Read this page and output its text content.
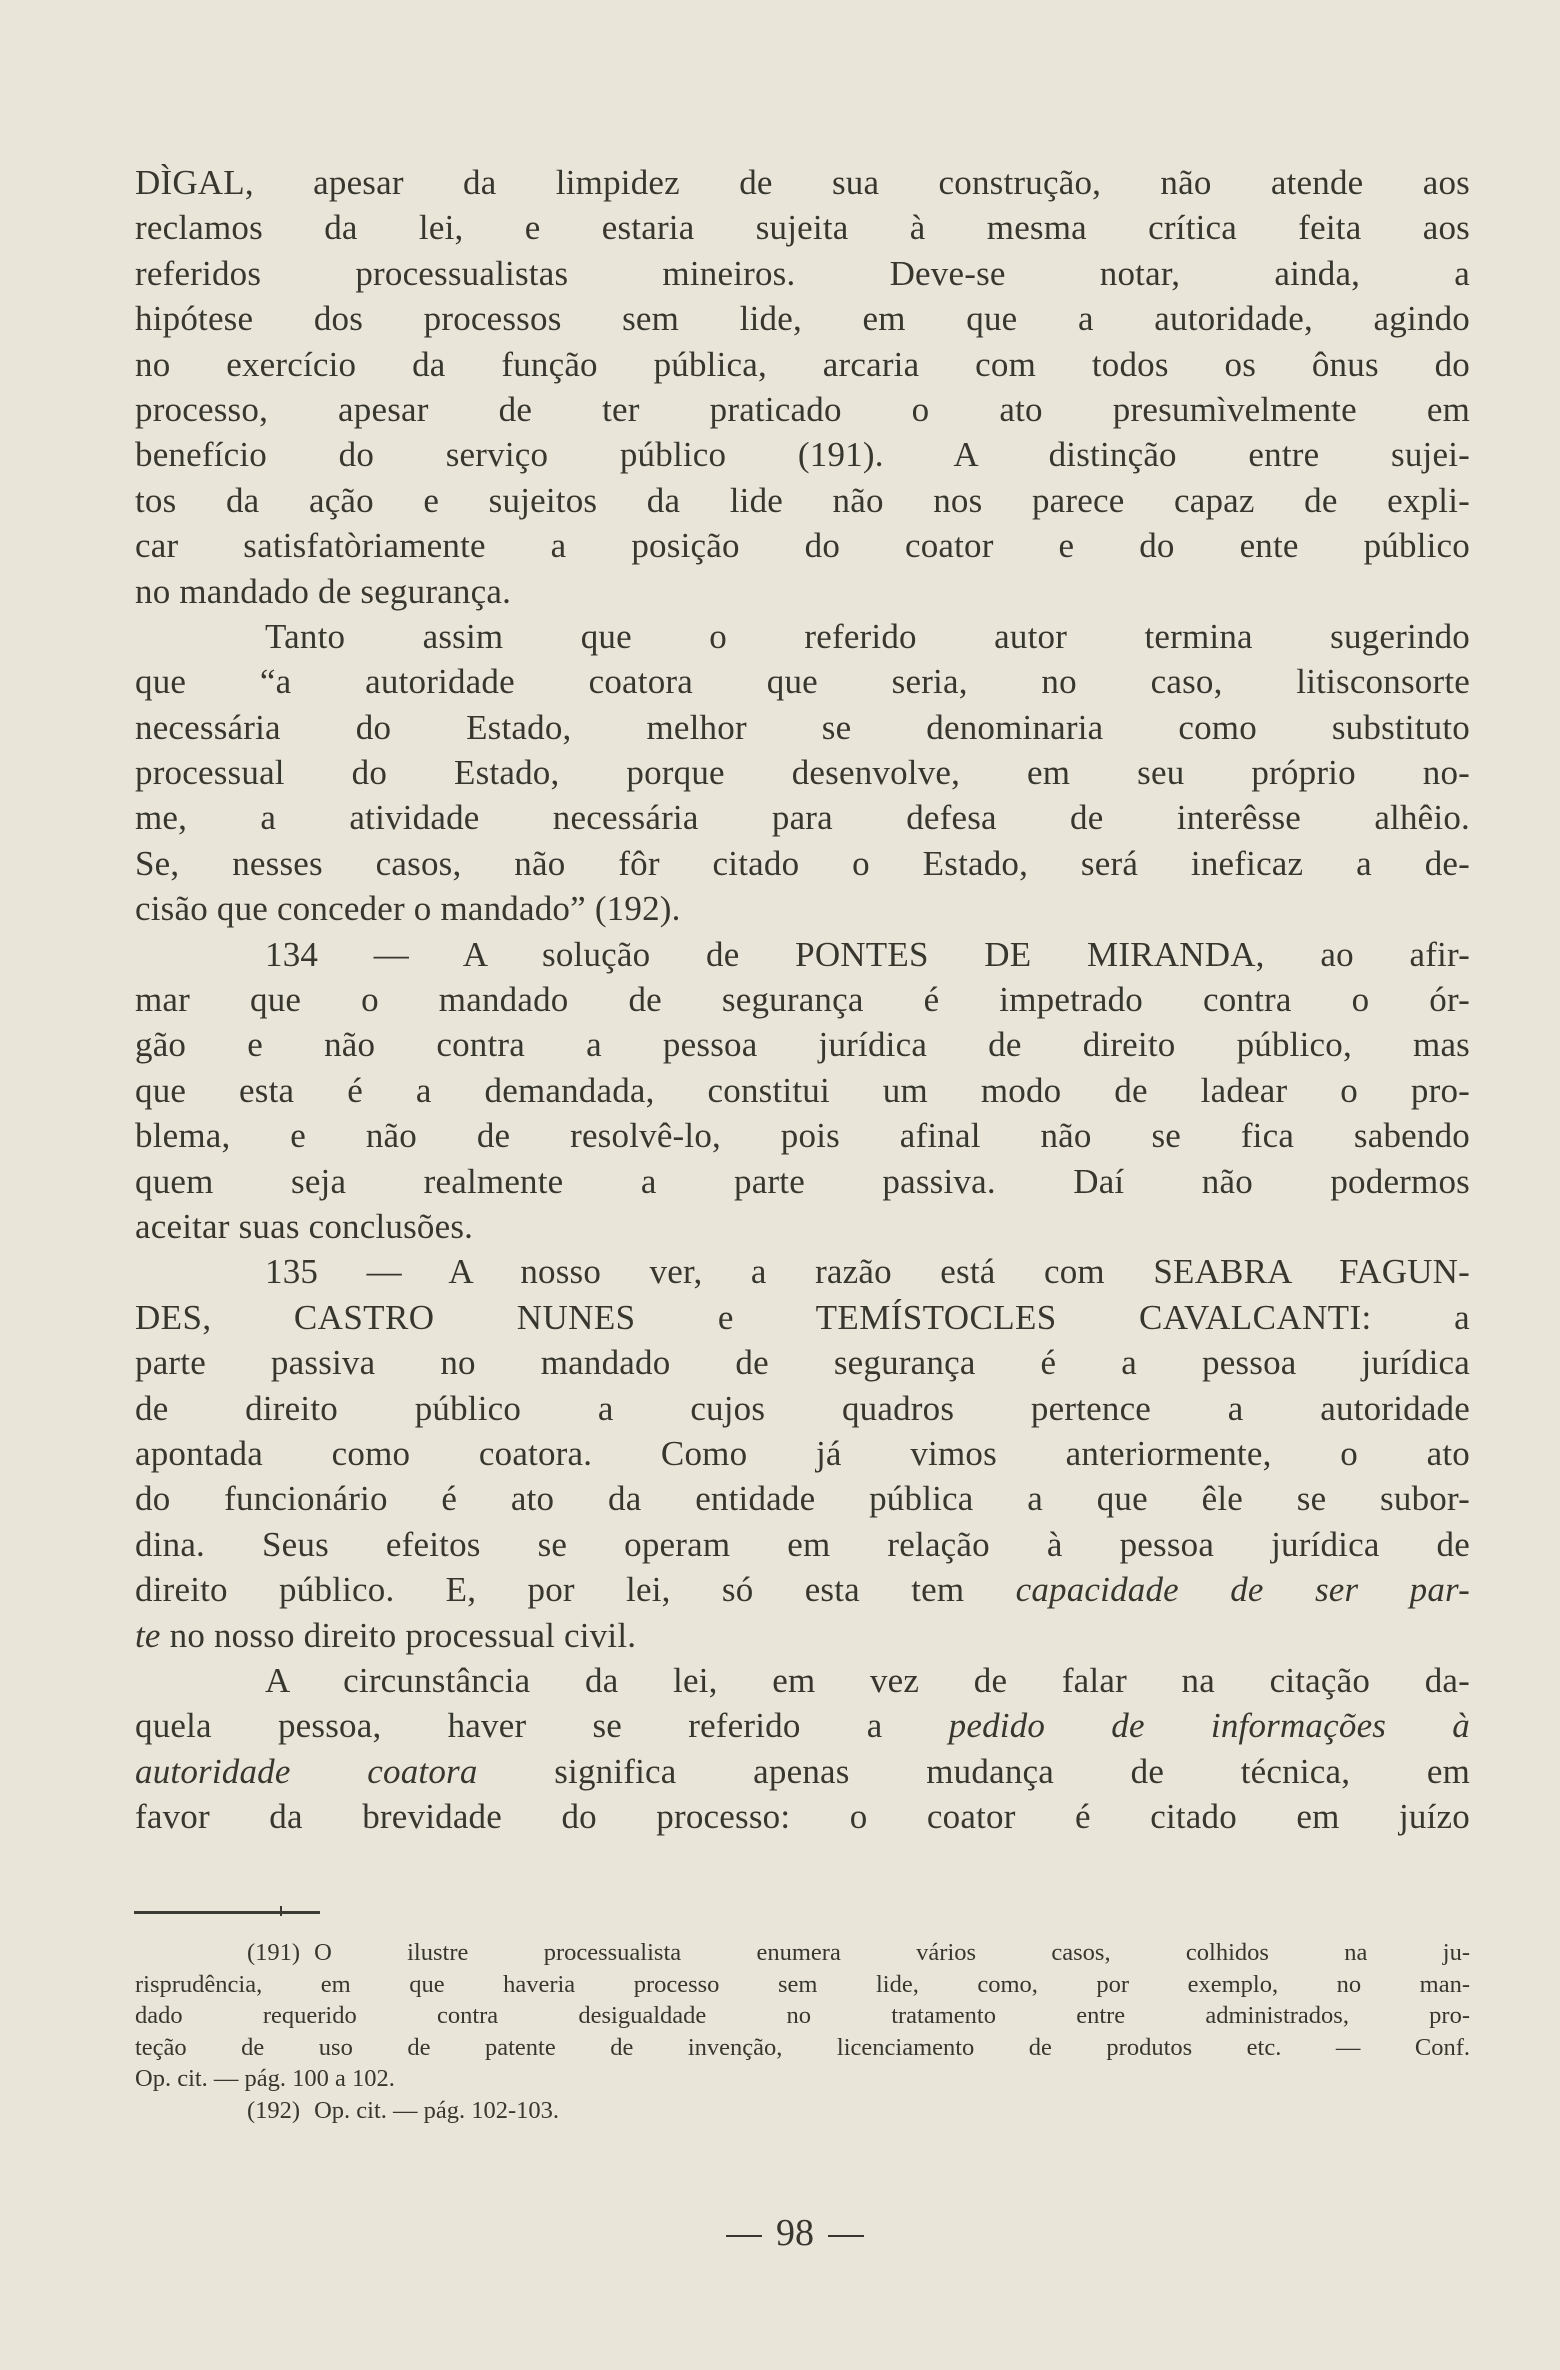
DÌGAL, apesar da limpidez de sua construção, não atende aos
reclamos da lei, e estaria sujeita à mesma crítica feita aos
referidos processualistas mineiros. Deve-se notar, ainda, a
hipótese dos processos sem lide, em que a autoridade, agindo
no exercício da função pública, arcaria com todos os ônus do
processo, apesar de ter praticado o ato presumìvelmente em
benefício do serviço público (191). A distinção entre sujei-
tos da ação e sujeitos da lide não nos parece capaz de expli-
car satisfatòriamente a posição do coator e do ente público
no mandado de segurança.
Tanto assim que o referido autor termina sugerindo
que “a autoridade coatora que seria, no caso, litisconsorte
necessária do Estado, melhor se denominaria como substituto
processual do Estado, porque desenvolve, em seu próprio no-
me, a atividade necessária para defesa de interêsse alhêio.
Se, nesses casos, não fôr citado o Estado, será ineficaz a de-
cisão que conceder o mandado” (192).
134 — A solução de PONTES DE MIRANDA, ao afir-
mar que o mandado de segurança é impetrado contra o ór-
gão e não contra a pessoa jurídica de direito público, mas
que esta é a demandada, constitui um modo de ladear o pro-
blema, e não de resolvê-lo, pois afinal não se fica sabendo
quem seja realmente a parte passiva. Daí não podermos
aceitar suas conclusões.
135 — A nosso ver, a razão está com SEABRA FAGUN-
DES, CASTRO NUNES e TEMÍSTOCLES CAVALCANTI: a
parte passiva no mandado de segurança é a pessoa jurídica
de direito público a cujos quadros pertence a autoridade
apontada como coatora. Como já vimos anteriormente, o ato
do funcionário é ato da entidade pública a que êle se subor-
dina. Seus efeitos se operam em relação à pessoa jurídica de
direito público. E, por lei, só esta tem capacidade de ser par-
te no nosso direito processual civil.
A circunstância da lei, em vez de falar na citação da-
quela pessoa, haver se referido a pedido de informações à
autoridade coatora significa apenas mudança de técnica, em
favor da brevidade do processo: o coator é citado em juízo
(191) O ilustre processualista enumera vários casos, colhidos na ju-
risprudência, em que haveria processo sem lide, como, por exemplo, no man-
dado requerido contra desigualdade no tratamento entre administrados, pro-
teção de uso de patente de invenção, licenciamento de produtos etc. — Conf.
Op. cit. — pág. 100 a 102.
(192) Op. cit. — pág. 102-103.
98
